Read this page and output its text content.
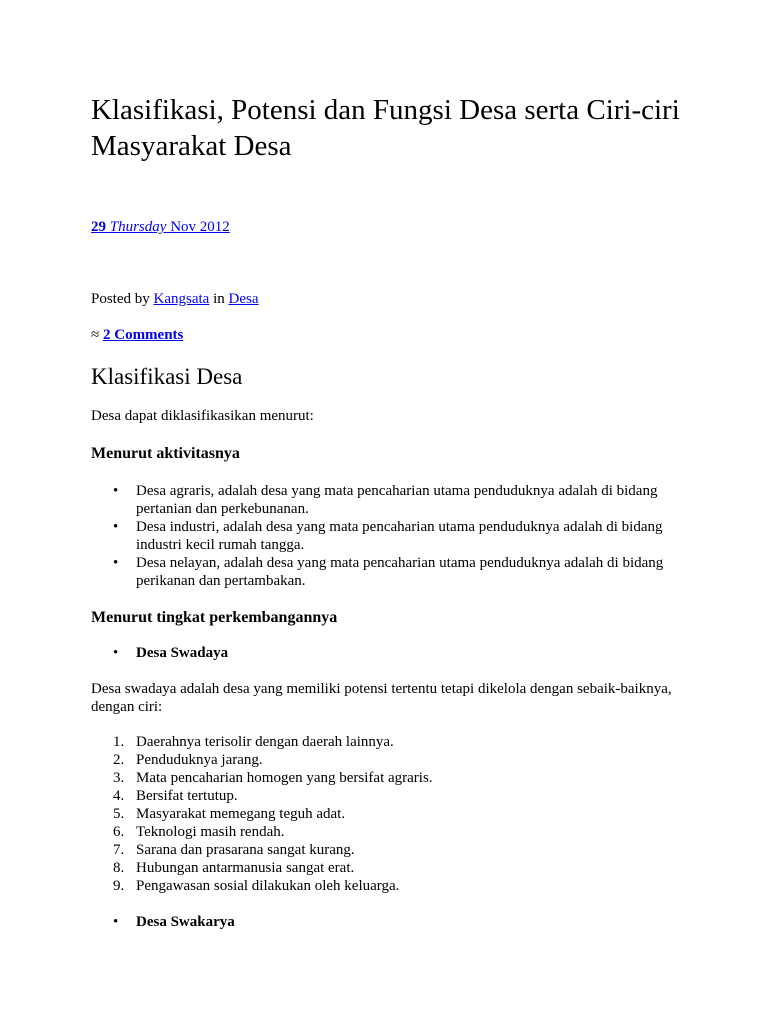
Klasifikasi, Potensi dan Fungsi Desa serta Ciri-ciri Masyarakat Desa
29 Thursday Nov 2012
Posted by Kangsata in Desa
≈ 2 Comments
Klasifikasi Desa
Desa dapat diklasifikasikan menurut:
Menurut aktivitasnya
• Desa agraris, adalah desa yang mata pencaharian utama penduduknya adalah di bidang pertanian dan perkebunanan.
• Desa industri, adalah desa yang mata pencaharian utama penduduknya adalah di bidang industri kecil rumah tangga.
• Desa nelayan, adalah desa yang mata pencaharian utama penduduknya adalah di bidang perikanan dan pertambakan.
Menurut tingkat perkembangannya
• Desa Swadaya
Desa swadaya adalah desa yang memiliki potensi tertentu tetapi dikelola dengan sebaik-baiknya, dengan ciri:
1. Daerahnya terisolir dengan daerah lainnya.
2. Penduduknya jarang.
3. Mata pencaharian homogen yang bersifat agraris.
4. Bersifat tertutup.
5. Masyarakat memegang teguh adat.
6. Teknologi masih rendah.
7. Sarana dan prasarana sangat kurang.
8. Hubungan antarmanusia sangat erat.
9. Pengawasan sosial dilakukan oleh keluarga.
• Desa Swakarya
